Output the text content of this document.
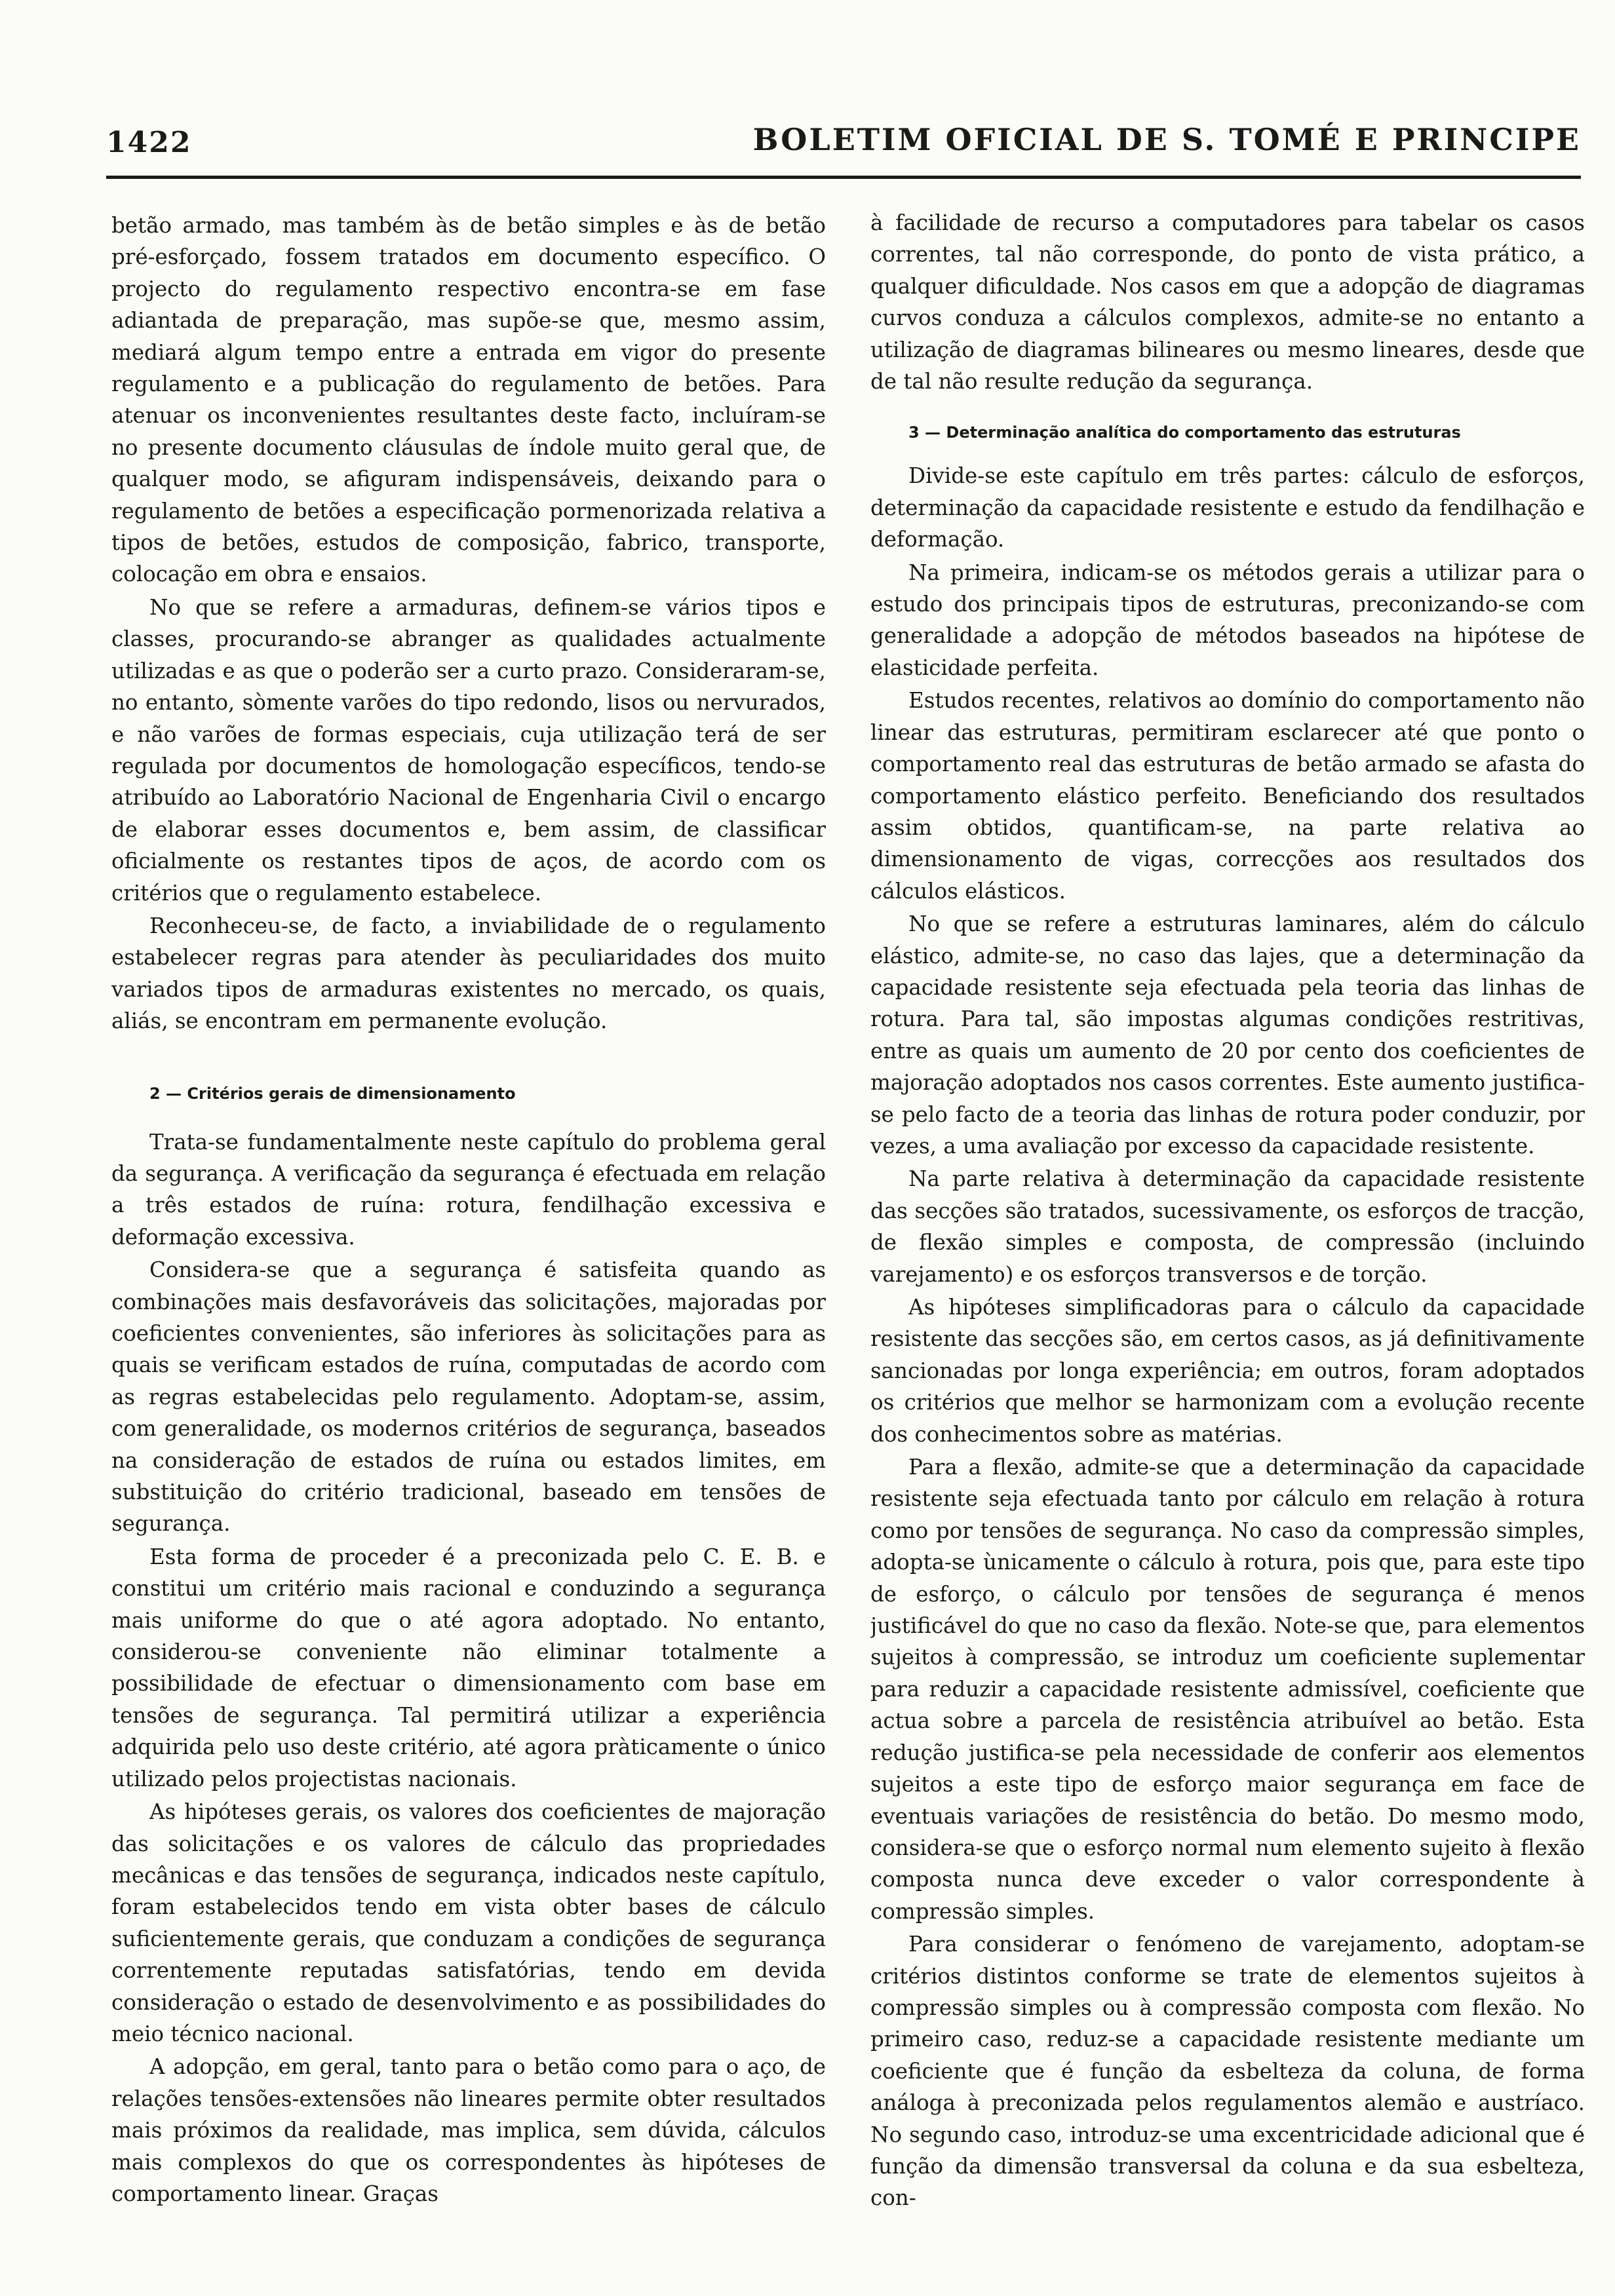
1422	BOLETIM OFICIAL DE S. TOMÉ E PRINCIPE

betão armado, mas também às de betão simples e às de betão pré-esforçado, fossem tratados em documento específico. O projecto do regulamento respectivo encontra-se em fase adiantada de preparação, mas supõe-se que, mesmo assim, mediará algum tempo entre a entrada em vigor do presente regulamento e a publicação do regulamento de betões. Para atenuar os inconvenientes resultantes deste facto, incluíram-se no presente documento cláusulas de índole muito geral que, de qualquer modo, se afiguram indispensáveis, deixando para o regulamento de betões a especificação pormenorizada relativa a tipos de betões, estudos de composição, fabrico, transporte, colocação em obra e ensaios.

No que se refere a armaduras, definem-se vários tipos e classes, procurando-se abranger as qualidades actualmente utilizadas e as que o poderão ser a curto prazo. Consideraram-se, no entanto, sòmente varões do tipo redondo, lisos ou nervurados, e não varões de formas especiais, cuja utilização terá de ser regulada por documentos de homologação específicos, tendo-se atribuído ao Laboratório Nacional de Engenharia Civil o encargo de elaborar esses documentos e, bem assim, de classificar oficialmente os restantes tipos de aços, de acordo com os critérios que o regulamento estabelece.

Reconheceu-se, de facto, a inviabilidade de o regulamento estabelecer regras para atender às peculiaridades dos muito variados tipos de armaduras existentes no mercado, os quais, aliás, se encontram em permanente evolução.

2 — Critérios gerais de dimensionamento

Trata-se fundamentalmente neste capítulo do problema geral da segurança. A verificação da segurança é efectuada em relação a três estados de ruína: rotura, fendilhação excessiva e deformação excessiva.

Considera-se que a segurança é satisfeita quando as combinações mais desfavoráveis das solicitações, majoradas por coeficientes convenientes, são inferiores às solicitações para as quais se verificam estados de ruína, computadas de acordo com as regras estabelecidas pelo regulamento. Adoptam-se, assim, com generalidade, os modernos critérios de segurança, baseados na consideração de estados de ruína ou estados limites, em substituição do critério tradicional, baseado em tensões de segurança.

Esta forma de proceder é a preconizada pelo C. E. B. e constitui um critério mais racional e conduzindo a segurança mais uniforme do que o até agora adoptado. No entanto, considerou-se conveniente não eliminar totalmente a possibilidade de efectuar o dimensionamento com base em tensões de segurança. Tal permitirá utilizar a experiência adquirida pelo uso deste critério, até agora pràticamente o único utilizado pelos projectistas nacionais.

As hipóteses gerais, os valores dos coeficientes de majoração das solicitações e os valores de cálculo das propriedades mecânicas e das tensões de segurança, indicados neste capítulo, foram estabelecidos tendo em vista obter bases de cálculo suficientemente gerais, que conduzam a condições de segurança correntemente reputadas satisfatórias, tendo em devida consideração o estado de desenvolvimento e as possibilidades do meio técnico nacional.

A adopção, em geral, tanto para o betão como para o aço, de relações tensões-extensões não lineares permite obter resultados mais próximos da realidade, mas implica, sem dúvida, cálculos mais complexos do que os correspondentes às hipóteses de comportamento linear. Graças

à facilidade de recurso a computadores para tabelar os casos correntes, tal não corresponde, do ponto de vista prático, a qualquer dificuldade. Nos casos em que a adopção de diagramas curvos conduza a cálculos complexos, admite-se no entanto a utilização de diagramas bilineares ou mesmo lineares, desde que de tal não resulte redução da segurança.

3 — Determinação analítica do comportamento das estruturas

Divide-se este capítulo em três partes: cálculo de esforços, determinação da capacidade resistente e estudo da fendilhação e deformação.

Na primeira, indicam-se os métodos gerais a utilizar para o estudo dos principais tipos de estruturas, preconizando-se com generalidade a adopção de métodos baseados na hipótese de elasticidade perfeita.

Estudos recentes, relativos ao domínio do comportamento não linear das estruturas, permitiram esclarecer até que ponto o comportamento real das estruturas de betão armado se afasta do comportamento elástico perfeito. Beneficiando dos resultados assim obtidos, quantificam-se, na parte relativa ao dimensionamento de vigas, correcções aos resultados dos cálculos elásticos.

No que se refere a estruturas laminares, além do cálculo elástico, admite-se, no caso das lajes, que a determinação da capacidade resistente seja efectuada pela teoria das linhas de rotura. Para tal, são impostas algumas condições restritivas, entre as quais um aumento de 20 por cento dos coeficientes de majoração adoptados nos casos correntes. Este aumento justifica-se pelo facto de a teoria das linhas de rotura poder conduzir, por vezes, a uma avaliação por excesso da capacidade resistente.

Na parte relativa à determinação da capacidade resistente das secções são tratados, sucessivamente, os esforços de tracção, de flexão simples e composta, de compressão (incluindo varejamento) e os esforços transversos e de torção.

As hipóteses simplificadoras para o cálculo da capacidade resistente das secções são, em certos casos, as já definitivamente sancionadas por longa experiência; em outros, foram adoptados os critérios que melhor se harmonizam com a evolução recente dos conhecimentos sobre as matérias.

Para a flexão, admite-se que a determinação da capacidade resistente seja efectuada tanto por cálculo em relação à rotura como por tensões de segurança. No caso da compressão simples, adopta-se ùnicamente o cálculo à rotura, pois que, para este tipo de esforço, o cálculo por tensões de segurança é menos justificável do que no caso da flexão. Note-se que, para elementos sujeitos à compressão, se introduz um coeficiente suplementar para reduzir a capacidade resistente admissível, coeficiente que actua sobre a parcela de resistência atribuível ao betão. Esta redução justifica-se pela necessidade de conferir aos elementos sujeitos a este tipo de esforço maior segurança em face de eventuais variações de resistência do betão. Do mesmo modo, considera-se que o esforço normal num elemento sujeito à flexão composta nunca deve exceder o valor correspondente à compressão simples.

Para considerar o fenómeno de varejamento, adoptam-se critérios distintos conforme se trate de elementos sujeitos à compressão simples ou à compressão composta com flexão. No primeiro caso, reduz-se a capacidade resistente mediante um coeficiente que é função da esbelteza da coluna, de forma análoga à preconizada pelos regulamentos alemão e austríaco. No segundo caso, introduz-se uma excentricidade adicional que é função da dimensão transversal da coluna e da sua esbelteza, con-
